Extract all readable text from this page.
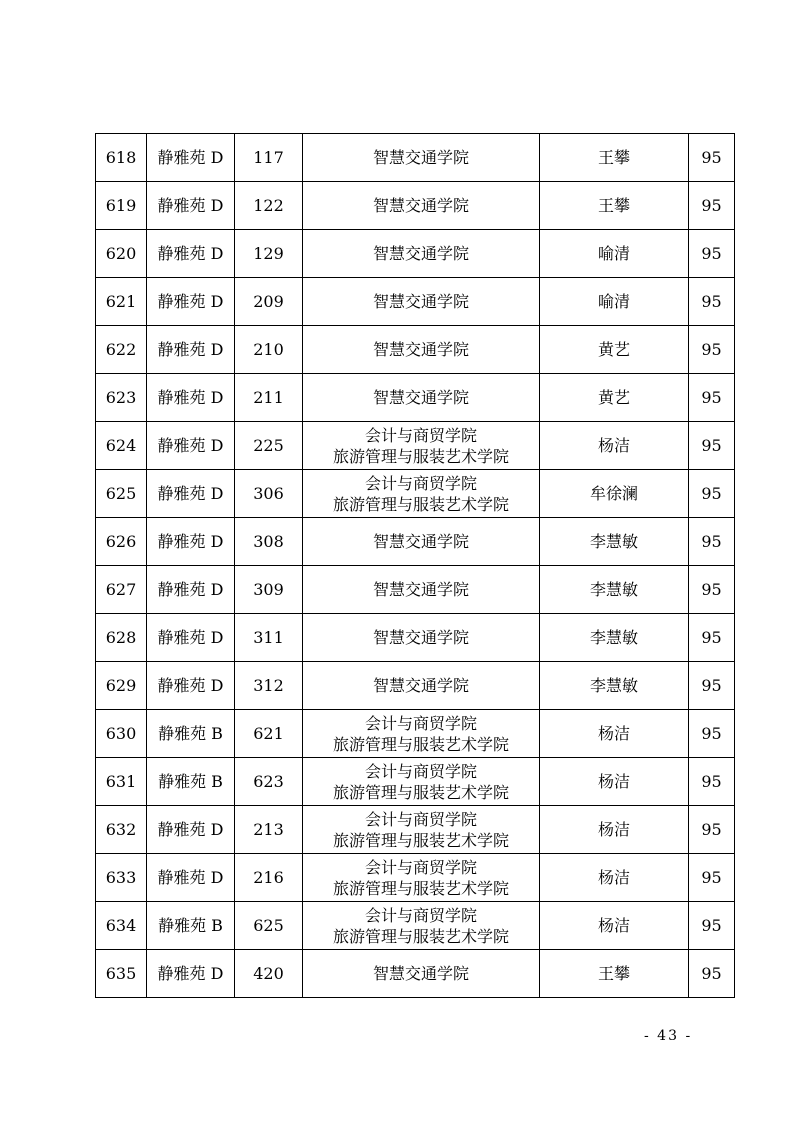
618	静雅苑 D	117	智慧交通学院	王攀	95
619	静雅苑 D	122	智慧交通学院	王攀	95
620	静雅苑 D	129	智慧交通学院	喻清	95
621	静雅苑 D	209	智慧交通学院	喻清	95
622	静雅苑 D	210	智慧交通学院	黄艺	95
623	静雅苑 D	211	智慧交通学院	黄艺	95
624	静雅苑 D	225	会计与商贸学院
旅游管理与服装艺术学院	杨洁	95
625	静雅苑 D	306	会计与商贸学院
旅游管理与服装艺术学院	牟徐澜	95
626	静雅苑 D	308	智慧交通学院	李慧敏	95
627	静雅苑 D	309	智慧交通学院	李慧敏	95
628	静雅苑 D	311	智慧交通学院	李慧敏	95
629	静雅苑 D	312	智慧交通学院	李慧敏	95
630	静雅苑 B	621	会计与商贸学院
旅游管理与服装艺术学院	杨洁	95
631	静雅苑 B	623	会计与商贸学院
旅游管理与服装艺术学院	杨洁	95
632	静雅苑 D	213	会计与商贸学院
旅游管理与服装艺术学院	杨洁	95
633	静雅苑 D	216	会计与商贸学院
旅游管理与服装艺术学院	杨洁	95
634	静雅苑 B	625	会计与商贸学院
旅游管理与服装艺术学院	杨洁	95
635	静雅苑 D	420	智慧交通学院	王攀	95
- 43 -
